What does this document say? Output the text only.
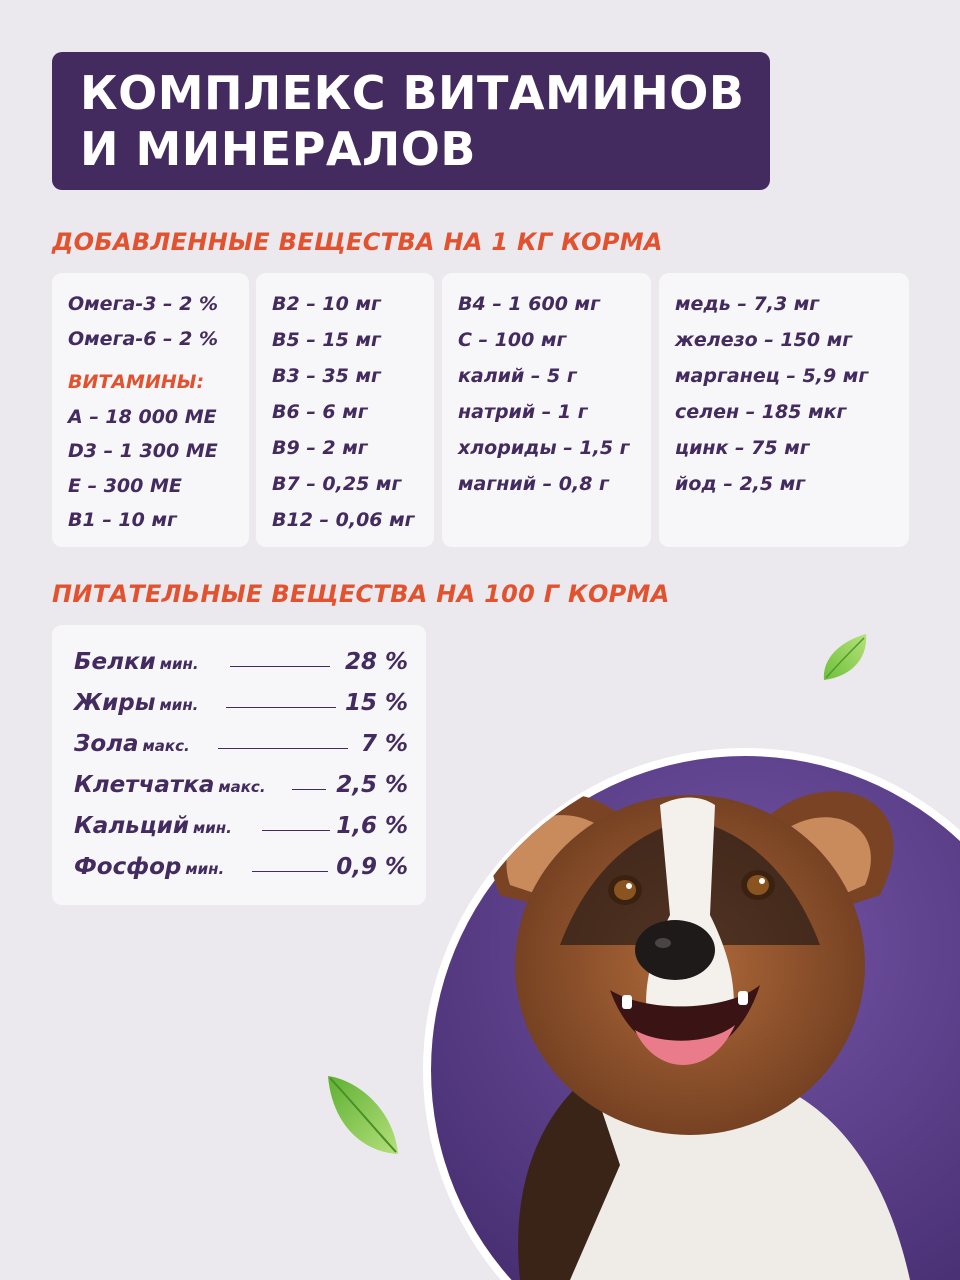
КОМПЛЕКС ВИТАМИНОВ
И МИНЕРАЛОВ
ДОБАВЛЕННЫЕ ВЕЩЕСТВА НА 1 КГ КОРМА
Омега-3 – 2 %
Омега-6 – 2 %
ВИТАМИНЫ:
A – 18 000 МЕ
D3 – 1 300 МЕ
E – 300 МЕ
B1 – 10 мг
B2 – 10 мг
B5 – 15 мг
B3 – 35 мг
B6 – 6 мг
B9 – 2 мг
B7 – 0,25 мг
B12 – 0,06 мг
B4 – 1 600 мг
C – 100 мг
калий – 5 г
натрий – 1 г
хлориды – 1,5 г
магний – 0,8 г
медь – 7,3 мг
железо – 150 мг
марганец – 5,9 мг
селен – 185 мкг
цинк – 75 мг
йод – 2,5 мг
ПИТАТЕЛЬНЫЕ ВЕЩЕСТВА НА 100 Г КОРМА
Белки мин.	28 %
Жиры мин.	15 %
Зола макс.	7 %
Клетчатка макс.	2,5 %
Кальций мин.	1,6 %
Фосфор мин.	0,9 %
